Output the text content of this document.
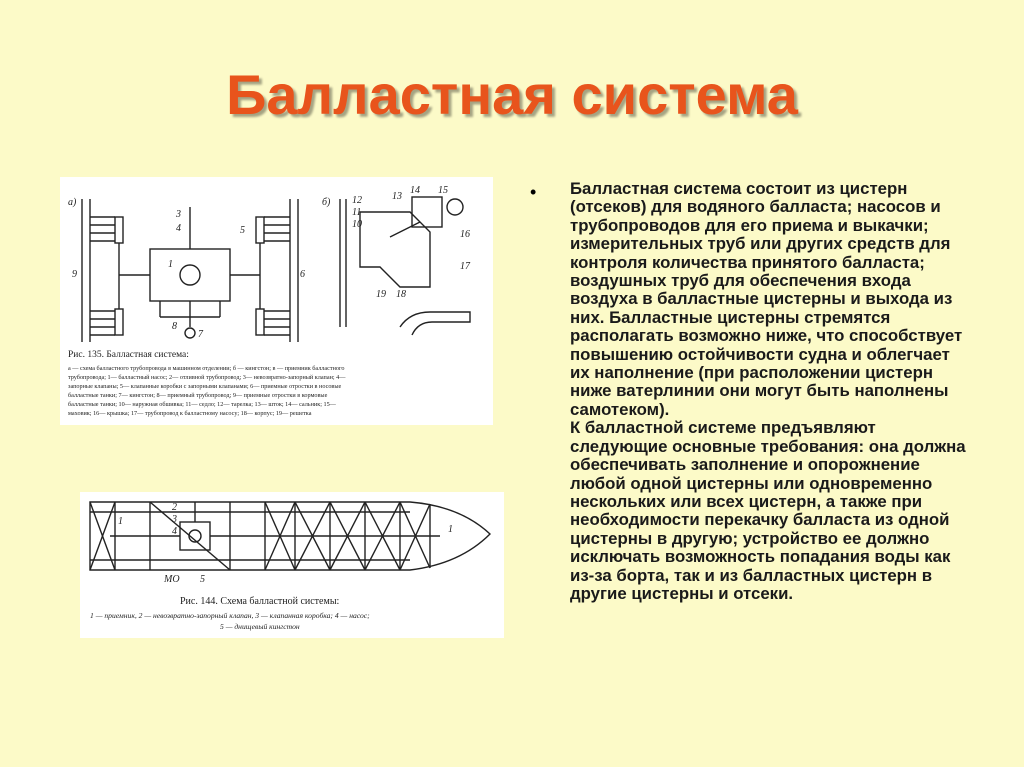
Балластная система
а)
3
4	5
9	6
1
8
7
б) 12
11
10
13
14 15
16
17
18
19
Рис. 135. Балластная система:
а — схема балластного трубопровода в машинном отделении; б — кингстон; в — приемник балластного
трубопровода; 1— балластный насос; 2— отливной трубопровод; 3— невозвратно-запорный клапан; 4—
запорные клапаны; 5— клапанные коробки с запорными клапанами; 6— приемные отростки в носовые
балластные танки; 7— кингстон; 8— приемный трубопровод; 9— приемные отростки в кормовые
балластные танки; 10— наружная обшивка; 11— седло; 12— тарелка; 13— шток; 14— сальник; 15—
маховик; 16— крышка; 17— трубопровод к балластному насосу; 18— корпус; 19— решетка
1
2
3
4
5
МО
1
Рис. 144. Схема балластной системы:
1 — приемник, 2 — невозвратно-запорный клапан, 3 — клапанная коробка; 4 — насос;
5 — днищевый кингстон
• Балластная система состоит из цистерн (отсеков) для водяного балласта; насосов и трубопроводов для его приема и выкачки; измерительных труб или других средств для контроля количества принятого балласта; воздушных труб для обеспечения входа воздуха в балластные цистерны и выхода из них. Балластные цистерны стремятся располагать возможно ниже, что способствует повышению остойчивости судна и облегчает их наполнение (при расположении цистерн ниже ватерлинии они могут быть наполнены самотеком).

К балластной системе предъявляют следующие основные требования: она должна обеспечивать заполнение и опорожнение любой одной цистерны или одновременно нескольких или всех цистерн, а также при необходимости перекачку балласта из одной цистерны в другую; устройство ее должно исключать возможность попадания воды как из-за борта, так и из балластных цистерн в другие цистерны и отсеки.
